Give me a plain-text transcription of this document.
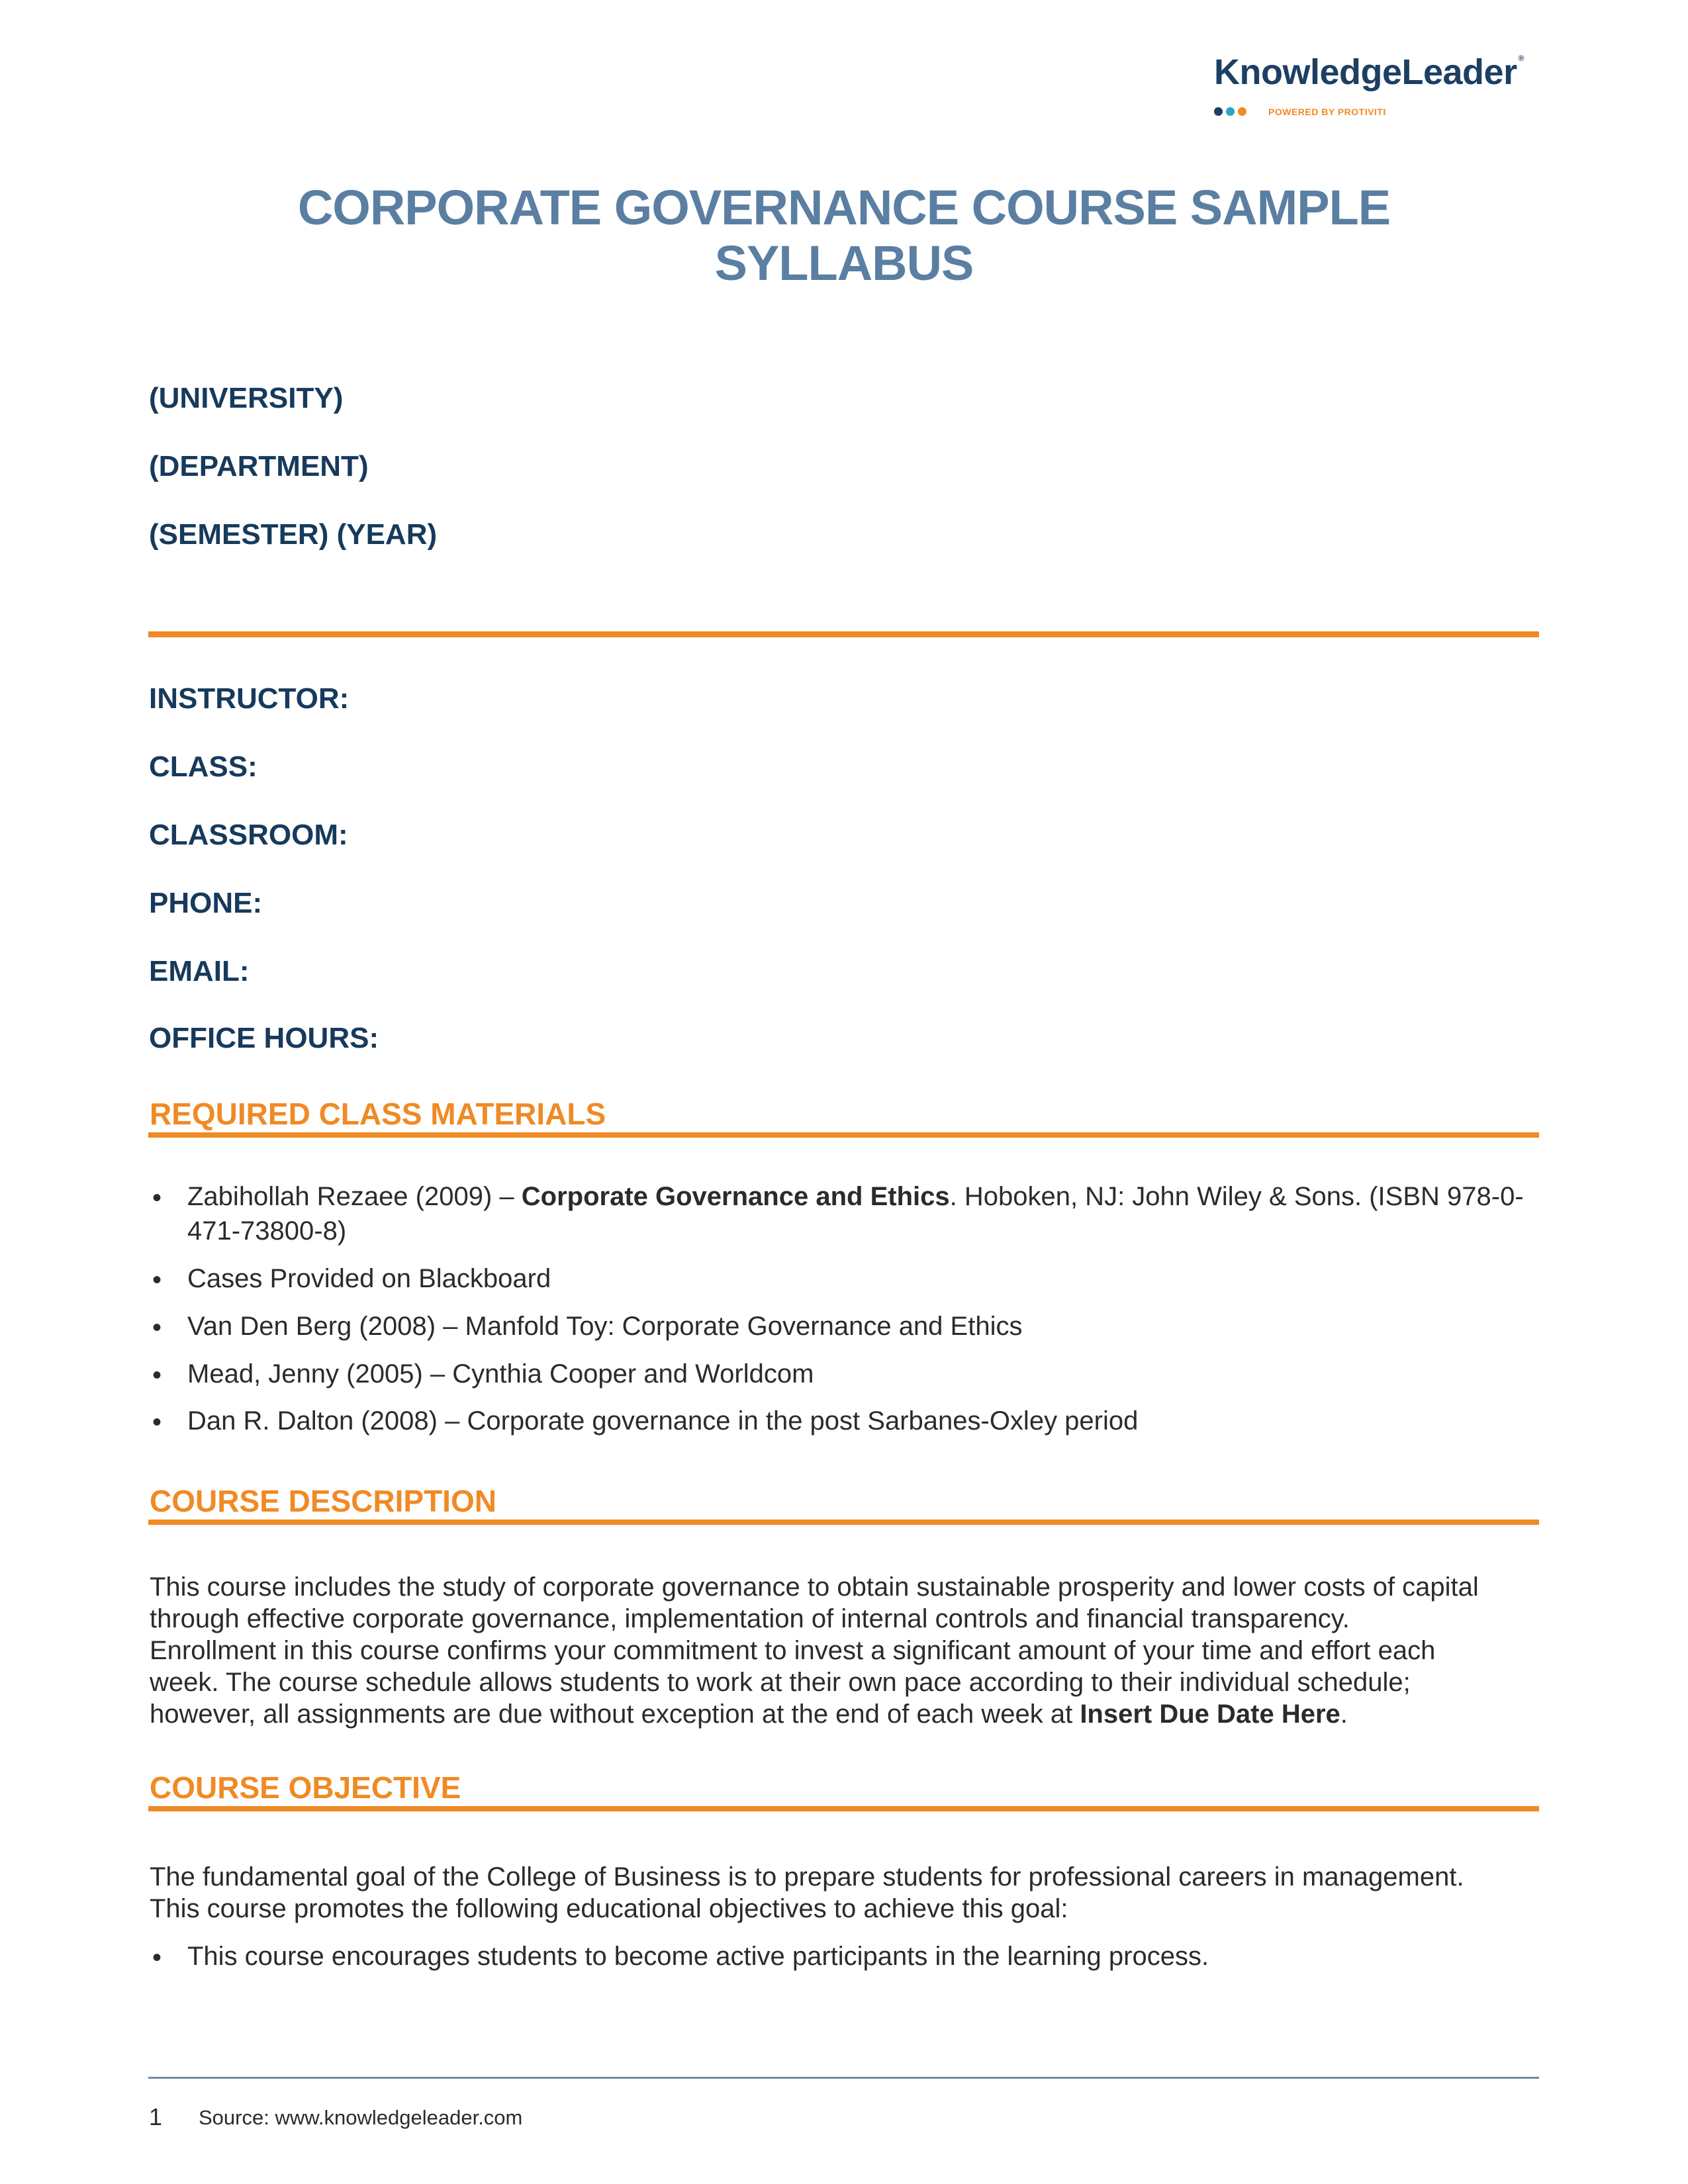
KnowledgeLeader ®
POWERED BY PROTIVITI
CORPORATE GOVERNANCE COURSE SAMPLE
SYLLABUS
(UNIVERSITY)
(DEPARTMENT)
(SEMESTER) (YEAR)
INSTRUCTOR:
CLASS:
CLASSROOM:
PHONE:
EMAIL:
OFFICE HOURS:
REQUIRED CLASS MATERIALS
• Zabihollah Rezaee (2009) – Corporate Governance and Ethics. Hoboken, NJ: John Wiley & Sons. (ISBN 978-0-471-73800-8)
• Cases Provided on Blackboard
• Van Den Berg (2008) – Manfold Toy: Corporate Governance and Ethics
• Mead, Jenny (2005) – Cynthia Cooper and Worldcom
• Dan R. Dalton (2008) – Corporate governance in the post Sarbanes-Oxley period
COURSE DESCRIPTION
This course includes the study of corporate governance to obtain sustainable prosperity and lower costs of capital
through effective corporate governance, implementation of internal controls and financial transparency.
Enrollment in this course confirms your commitment to invest a significant amount of your time and effort each
week. The course schedule allows students to work at their own pace according to their individual schedule;
however, all assignments are due without exception at the end of each week at Insert Due Date Here.
COURSE OBJECTIVE
The fundamental goal of the College of Business is to prepare students for professional careers in management.
This course promotes the following educational objectives to achieve this goal:
• This course encourages students to become active participants in the learning process.
1 Source: www.knowledgeleader.com
